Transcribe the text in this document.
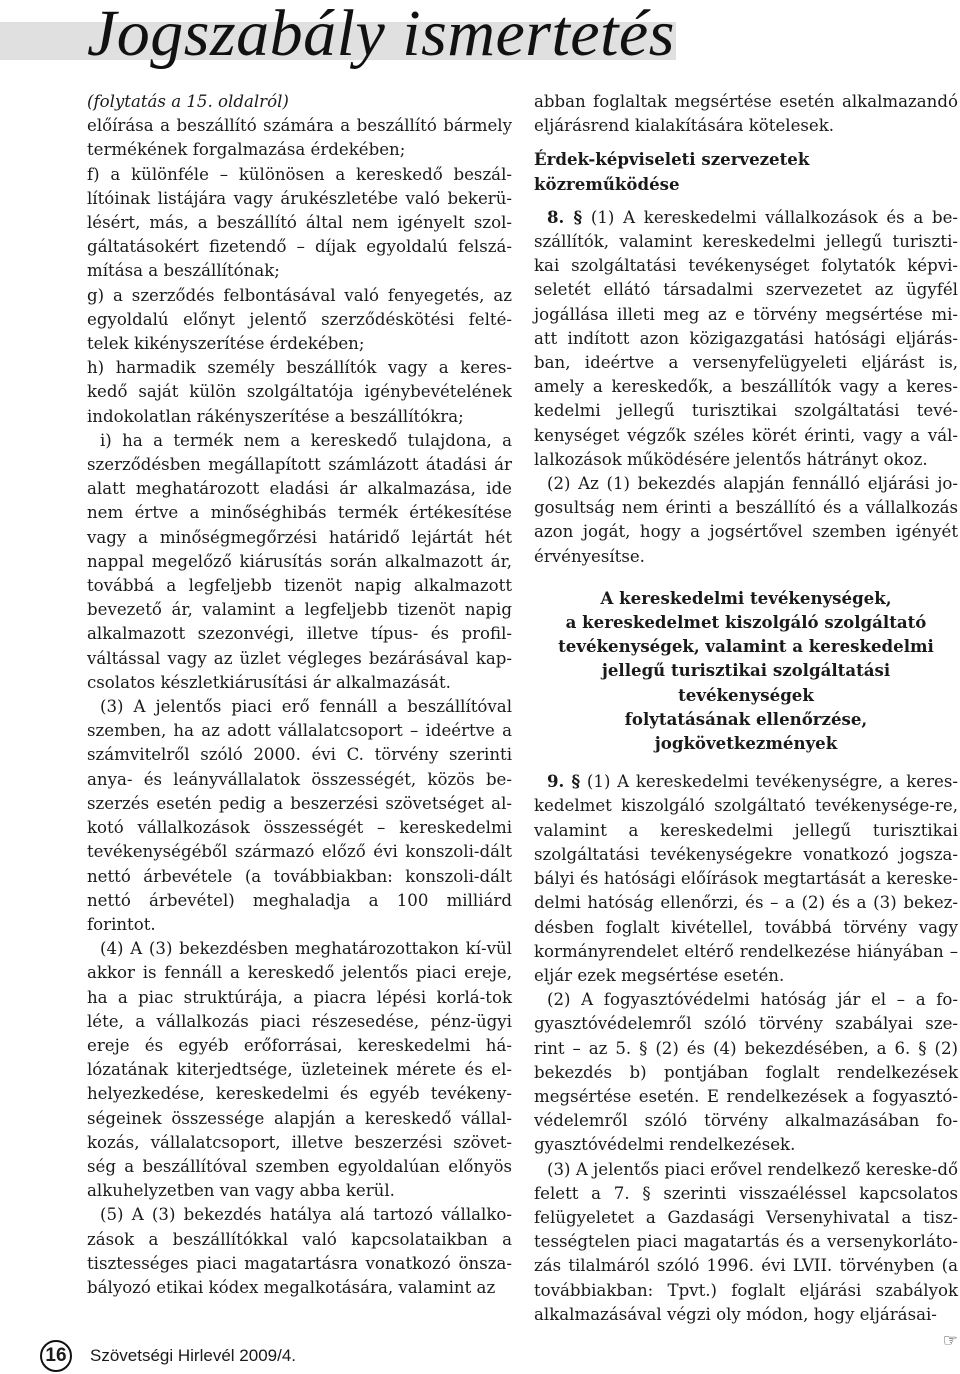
Jogszabály ismertetés

(folytatás a 15. oldalról)

előírása a beszállító számára a beszállító bármely termékének forgalmazása érdekében;

f) a különféle – különösen a kereskedő beszál-lítóinak listájára vagy árukészletébe való bekerü-lésért, más, a beszállító által nem igényelt szol-gáltatásokért fizetendő – díjak egyoldalú felszá-mítása a beszállítónak;

g) a szerződés felbontásával való fenyegetés, az egyoldalú előnyt jelentő szerződéskötési felté-telek kikényszerítése érdekében;

h) harmadik személy beszállítók vagy a keres-kedő saját külön szolgáltatója igénybevételének indokolatlan rákényszerítése a beszállítókra;

i) ha a termék nem a kereskedő tulajdona, a szerződésben megállapított számlázott átadási ár alatt meghatározott eladási ár alkalmazása, ide nem értve a minőséghibás termék értékesítése vagy a minőségmegőrzési határidő lejártát hét nappal megelőző kiárusítás során alkalmazott ár, továbbá a legfeljebb tizenöt napig alkalmazott bevezető ár, valamint a legfeljebb tizenöt napig alkalmazott szezonvégi, illetve típus- és profil-váltással vagy az üzlet végleges bezárásával kap-csolatos készletkiárusítási ár alkalmazását.

(3) A jelentős piaci erő fennáll a beszállítóval szemben, ha az adott vállalatcsoport – ideértve a számvitelről szóló 2000. évi C. törvény szerinti anya- és leányvállalatok összességét, közös be-szerzés esetén pedig a beszerzési szövetséget al-kotó vállalkozások összességét – kereskedelmi tevékenységéből származó előző évi konszoli-dált nettó árbevétele (a továbbiakban: konszoli-dált nettó árbevétel) meghaladja a 100 milliárd forintot.

(4) A (3) bekezdésben meghatározottakon kí-vül akkor is fennáll a kereskedő jelentős piaci ereje, ha a piac struktúrája, a piacra lépési korlá-tok léte, a vállalkozás piaci részesedése, pénz-ügyi ereje és egyéb erőforrásai, kereskedelmi há-lózatának kiterjedtsége, üzleteinek mérete és el-helyezkedése, kereskedelmi és egyéb tevékeny-ségeinek összessége alapján a kereskedő vállal-kozás, vállalatcsoport, illetve beszerzési szövet-ség a beszállítóval szemben egyoldalúan előnyös alkuhelyzetben van vagy abba kerül.

(5) A (3) bekezdés hatálya alá tartozó vállalko-zások a beszállítókkal való kapcsolataikban a tisztességes piaci magatartásra vonatkozó önsza-bályozó etikai kódex megalkotására, valamint az

abban foglaltak megsértése esetén alkalmazandó eljárásrend kialakítására kötelesek.

Érdek-képviseleti szervezetek közreműködése

8. § (1) A kereskedelmi vállalkozások és a be-szállítók, valamint kereskedelmi jellegű turiszti-kai szolgáltatási tevékenységet folytatók képvi-seletét ellátó társadalmi szervezetet az ügyfél jogállása illeti meg az e törvény megsértése mi-att indított azon közigazgatási hatósági eljárás-ban, ideértve a versenyfelügyeleti eljárást is, amely a kereskedők, a beszállítók vagy a keres-kedelmi jellegű turisztikai szolgáltatási tevé-kenységet végzők széles körét érinti, vagy a vál-lalkozások működésére jelentős hátrányt okoz.

(2) Az (1) bekezdés alapján fennálló eljárási jo-gosultság nem érinti a beszállító és a vállalkozás azon jogát, hogy a jogsértővel szemben igényét érvényesítse.

A kereskedelmi tevékenységek,
a kereskedelmet kiszolgáló szolgáltató
tevékenységek, valamint a kereskedelmi
jellegű turisztikai szolgáltatási tevékenységek
folytatásának ellenőrzése,
jogkövetkezmények

9. § (1) A kereskedelmi tevékenységre, a keres-kedelmet kiszolgáló szolgáltató tevékenysége-re, valamint a kereskedelmi jellegű turisztikai szolgáltatási tevékenységekre vonatkozó jogsza-bályi és hatósági előírások megtartását a kereske-delmi hatóság ellenőrzi, és – a (2) és a (3) bekez-désben foglalt kivétellel, továbbá törvény vagy kormányrendelet eltérő rendelkezése hiányában – eljár ezek megsértése esetén.

(2) A fogyasztóvédelmi hatóság jár el – a fo-gyasztóvédelemről szóló törvény szabályai sze-rint – az 5. § (2) és (4) bekezdésében, a 6. § (2) bekezdés b) pontjában foglalt rendelkezések megsértése esetén. E rendelkezések a fogyasztó-védelemről szóló törvény alkalmazásában fo-gyasztóvédelmi rendelkezések.

(3) A jelentős piaci erővel rendelkező kereske-dő felett a 7. § szerinti visszaéléssel kapcsolatos felügyeletet a Gazdasági Versenyhivatal a tisz-tességtelen piaci magatartás és a versenykorláto-zás tilalmáról szóló 1996. évi LVII. törvényben (a továbbiakban: Tpvt.) foglalt eljárási szabályok alkalmazásával végzi oly módon, hogy eljárásai-

☞
16	Szövetségi Hirlevél 2009/4.
